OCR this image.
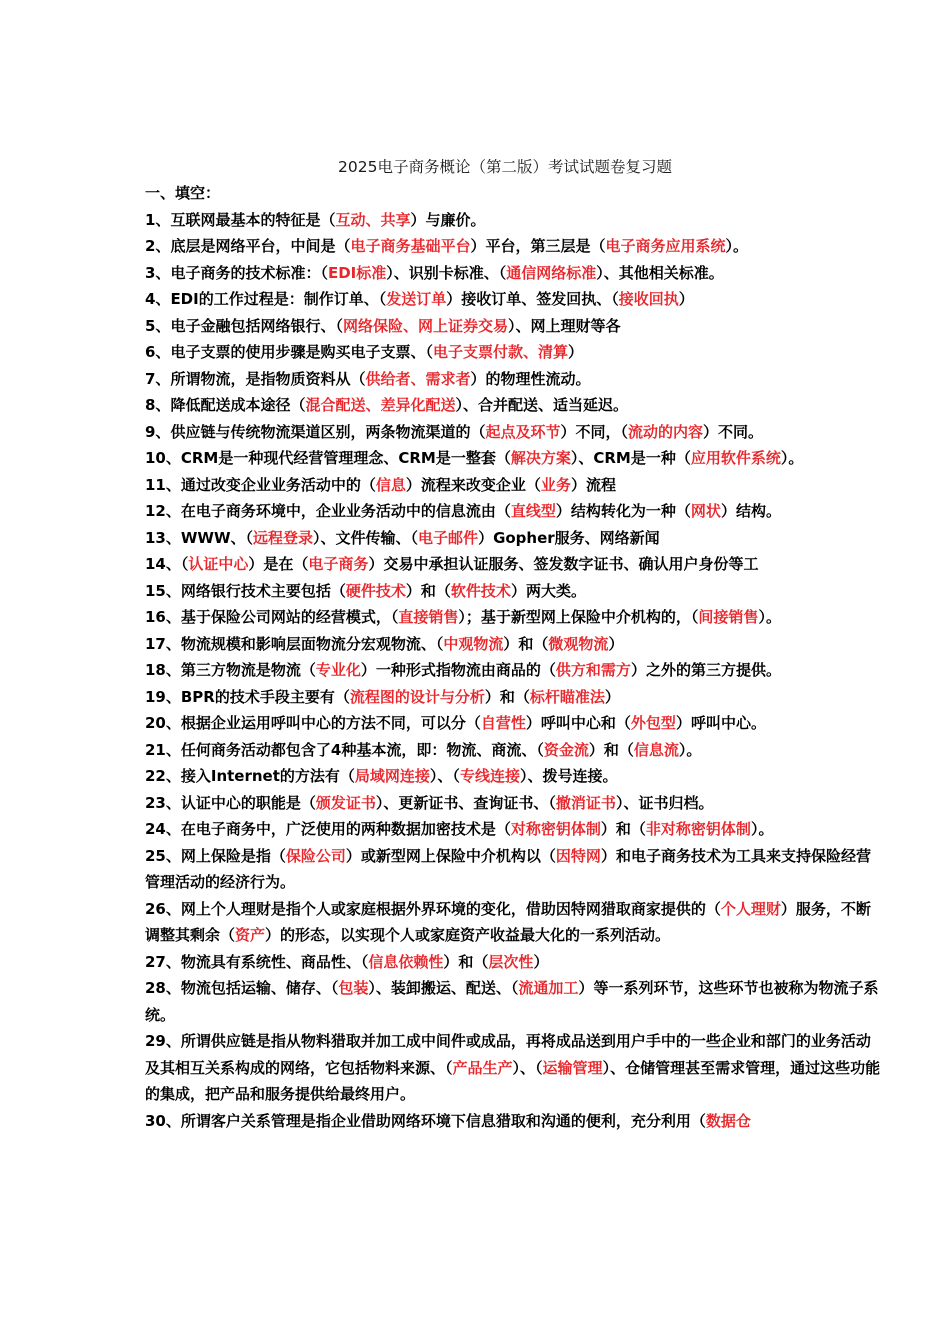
2025电子商务概论（第二版）考试试题卷复习题
一、填空：
1、互联网最基本的特征是（互动、共享）与廉价。
2、底层是网络平台，中间是（电子商务基础平台）平台，第三层是（电子商务应用系统）。
3、电子商务的技术标准：（EDI标准）、识别卡标准、（通信网络标准）、其他相关标准。
4、EDI的工作过程是：制作订单、（发送订单）接收订单、签发回执、（接收回执）
5、电子金融包括网络银行、（网络保险、网上证券交易）、网上理财等各
6、电子支票的使用步骤是购买电子支票、（电子支票付款、清算）
7、所谓物流，是指物质资料从（供给者、需求者）的物理性流动。
8、降低配送成本途径（混合配送、差异化配送）、合并配送、适当延迟。
9、供应链与传统物流渠道区别，两条物流渠道的（起点及环节）不同，（流动的内容）不同。
10、CRM是一种现代经营管理理念、CRM是一整套（解决方案）、CRM是一种（应用软件系统）。
11、通过改变企业业务活动中的（信息）流程来改变企业（业务）流程
12、在电子商务环境中，企业业务活动中的信息流由（直线型）结构转化为一种（网状）结构。
13、WWW、（远程登录）、文件传输、（电子邮件）Gopher服务、网络新闻
14、（认证中心）是在（电子商务）交易中承担认证服务、签发数字证书、确认用户身份等工
15、网络银行技术主要包括（硬件技术）和（软件技术）两大类。
16、基于保险公司网站的经营模式，（直接销售）；基于新型网上保险中介机构的，（间接销售）。
17、物流规模和影响层面物流分宏观物流、（中观物流）和（微观物流）
18、第三方物流是物流（专业化）一种形式指物流由商品的（供方和需方）之外的第三方提供。
19、BPR的技术手段主要有（流程图的设计与分析）和（标杆瞄准法）
20、根据企业运用呼叫中心的方法不同，可以分（自营性）呼叫中心和（外包型）呼叫中心。
21、任何商务活动都包含了4种基本流，即：物流、商流、（资金流）和（信息流）。
22、接入Internet的方法有（局域网连接）、（专线连接）、拨号连接。
23、认证中心的职能是（颁发证书）、更新证书、查询证书、（撤消证书）、证书归档。
24、在电子商务中，广泛使用的两种数据加密技术是（对称密钥体制）和（非对称密钥体制）。
25、网上保险是指（保险公司）或新型网上保险中介机构以（因特网）和电子商务技术为工具来支持保险经营管理活动的经济行为。
26、网上个人理财是指个人或家庭根据外界环境的变化，借助因特网猎取商家提供的（个人理财）服务，不断调整其剩余（资产）的形态，以实现个人或家庭资产收益最大化的一系列活动。
27、物流具有系统性、商品性、（信息依赖性）和（层次性）
28、物流包括运输、储存、（包装）、装卸搬运、配送、（流通加工）等一系列环节，这些环节也被称为物流子系统。
29、所谓供应链是指从物料猎取并加工成中间件或成品，再将成品送到用户手中的一些企业和部门的业务活动及其相互关系构成的网络，它包括物料来源、（产品生产）、（运输管理）、仓储管理甚至需求管理，通过这些功能的集成，把产品和服务提供给最终用户。
30、所谓客户关系管理是指企业借助网络环境下信息猎取和沟通的便利，充分利用（数据仓
